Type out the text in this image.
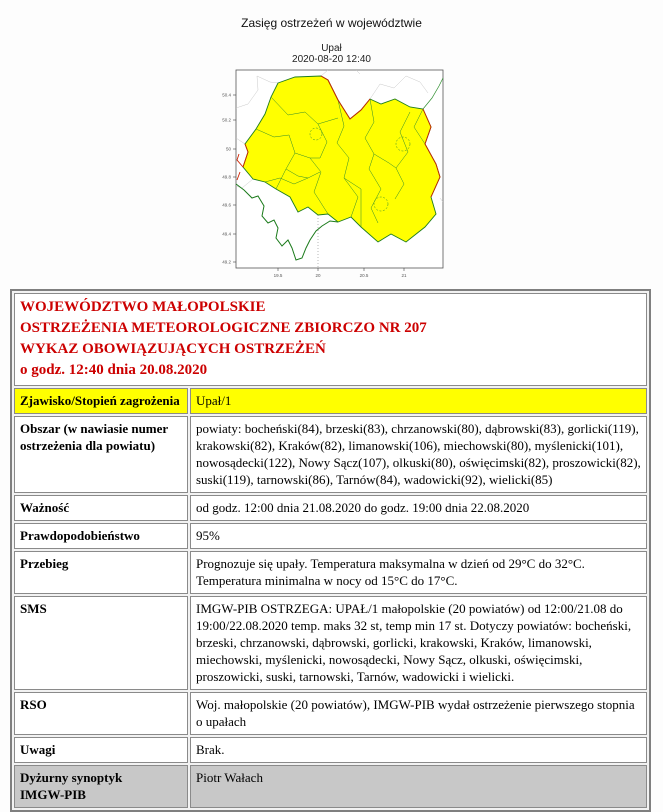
Zasięg ostrzeżeń w województwie
Upał
2020-08-20 12:40
19.5	20	20.5	21
50.4
50.2
50
49.8
49.6
49.4
49.2
WOJEWÓDZTWO MAŁOPOLSKIE
OSTRZEŻENIA METEOROLOGICZNE ZBIORCZO NR 207
WYKAZ OBOWIĄZUJĄCYCH OSTRZEŻEŃ
o godz. 12:40 dnia 20.08.2020	

Zjawisko/Stopień zagrożenia	Upał/1
Obszar (w nawiasie numer ostrzeżenia dla powiatu)	powiaty: bocheński(84), brzeski(83), chrzanowski(80), dąbrowski(83), gorlicki(119), krakowski(82), Kraków(82), limanowski(106), miechowski(80), myślenicki(101), nowosądecki(122), Nowy Sącz(107), olkuski(80), oświęcimski(82), proszowicki(82), suski(119), tarnowski(86), Tarnów(84), wadowicki(92), wielicki(85)
Ważność	od godz. 12:00 dnia 21.08.2020 do godz. 19:00 dnia 22.08.2020
Prawdopodobieństwo	95%
Przebieg	Prognozuje się upały. Temperatura maksymalna w dzień od 29°C do 32°C. Temperatura minimalna w nocy od 15°C do 17°C.
SMS	IMGW-PIB OSTRZEGA: UPAŁ/1 małopolskie (20 powiatów) od 12:00/21.08 do 19:00/22.08.2020 temp. maks 32 st, temp min 17 st. Dotyczy powiatów: bocheński, brzeski, chrzanowski, dąbrowski, gorlicki, krakowski, Kraków, limanowski, miechowski, myślenicki, nowosądecki, Nowy Sącz, olkuski, oświęcimski, proszowicki, suski, tarnowski, Tarnów, wadowicki i wielicki.
RSO	Woj. małopolskie (20 powiatów), IMGW-PIB wydał ostrzeżenie pierwszego stopnia o upałach
Uwagi	Brak.
Dyżurny synoptyk
IMGW-PIB	Piotr Wałach
